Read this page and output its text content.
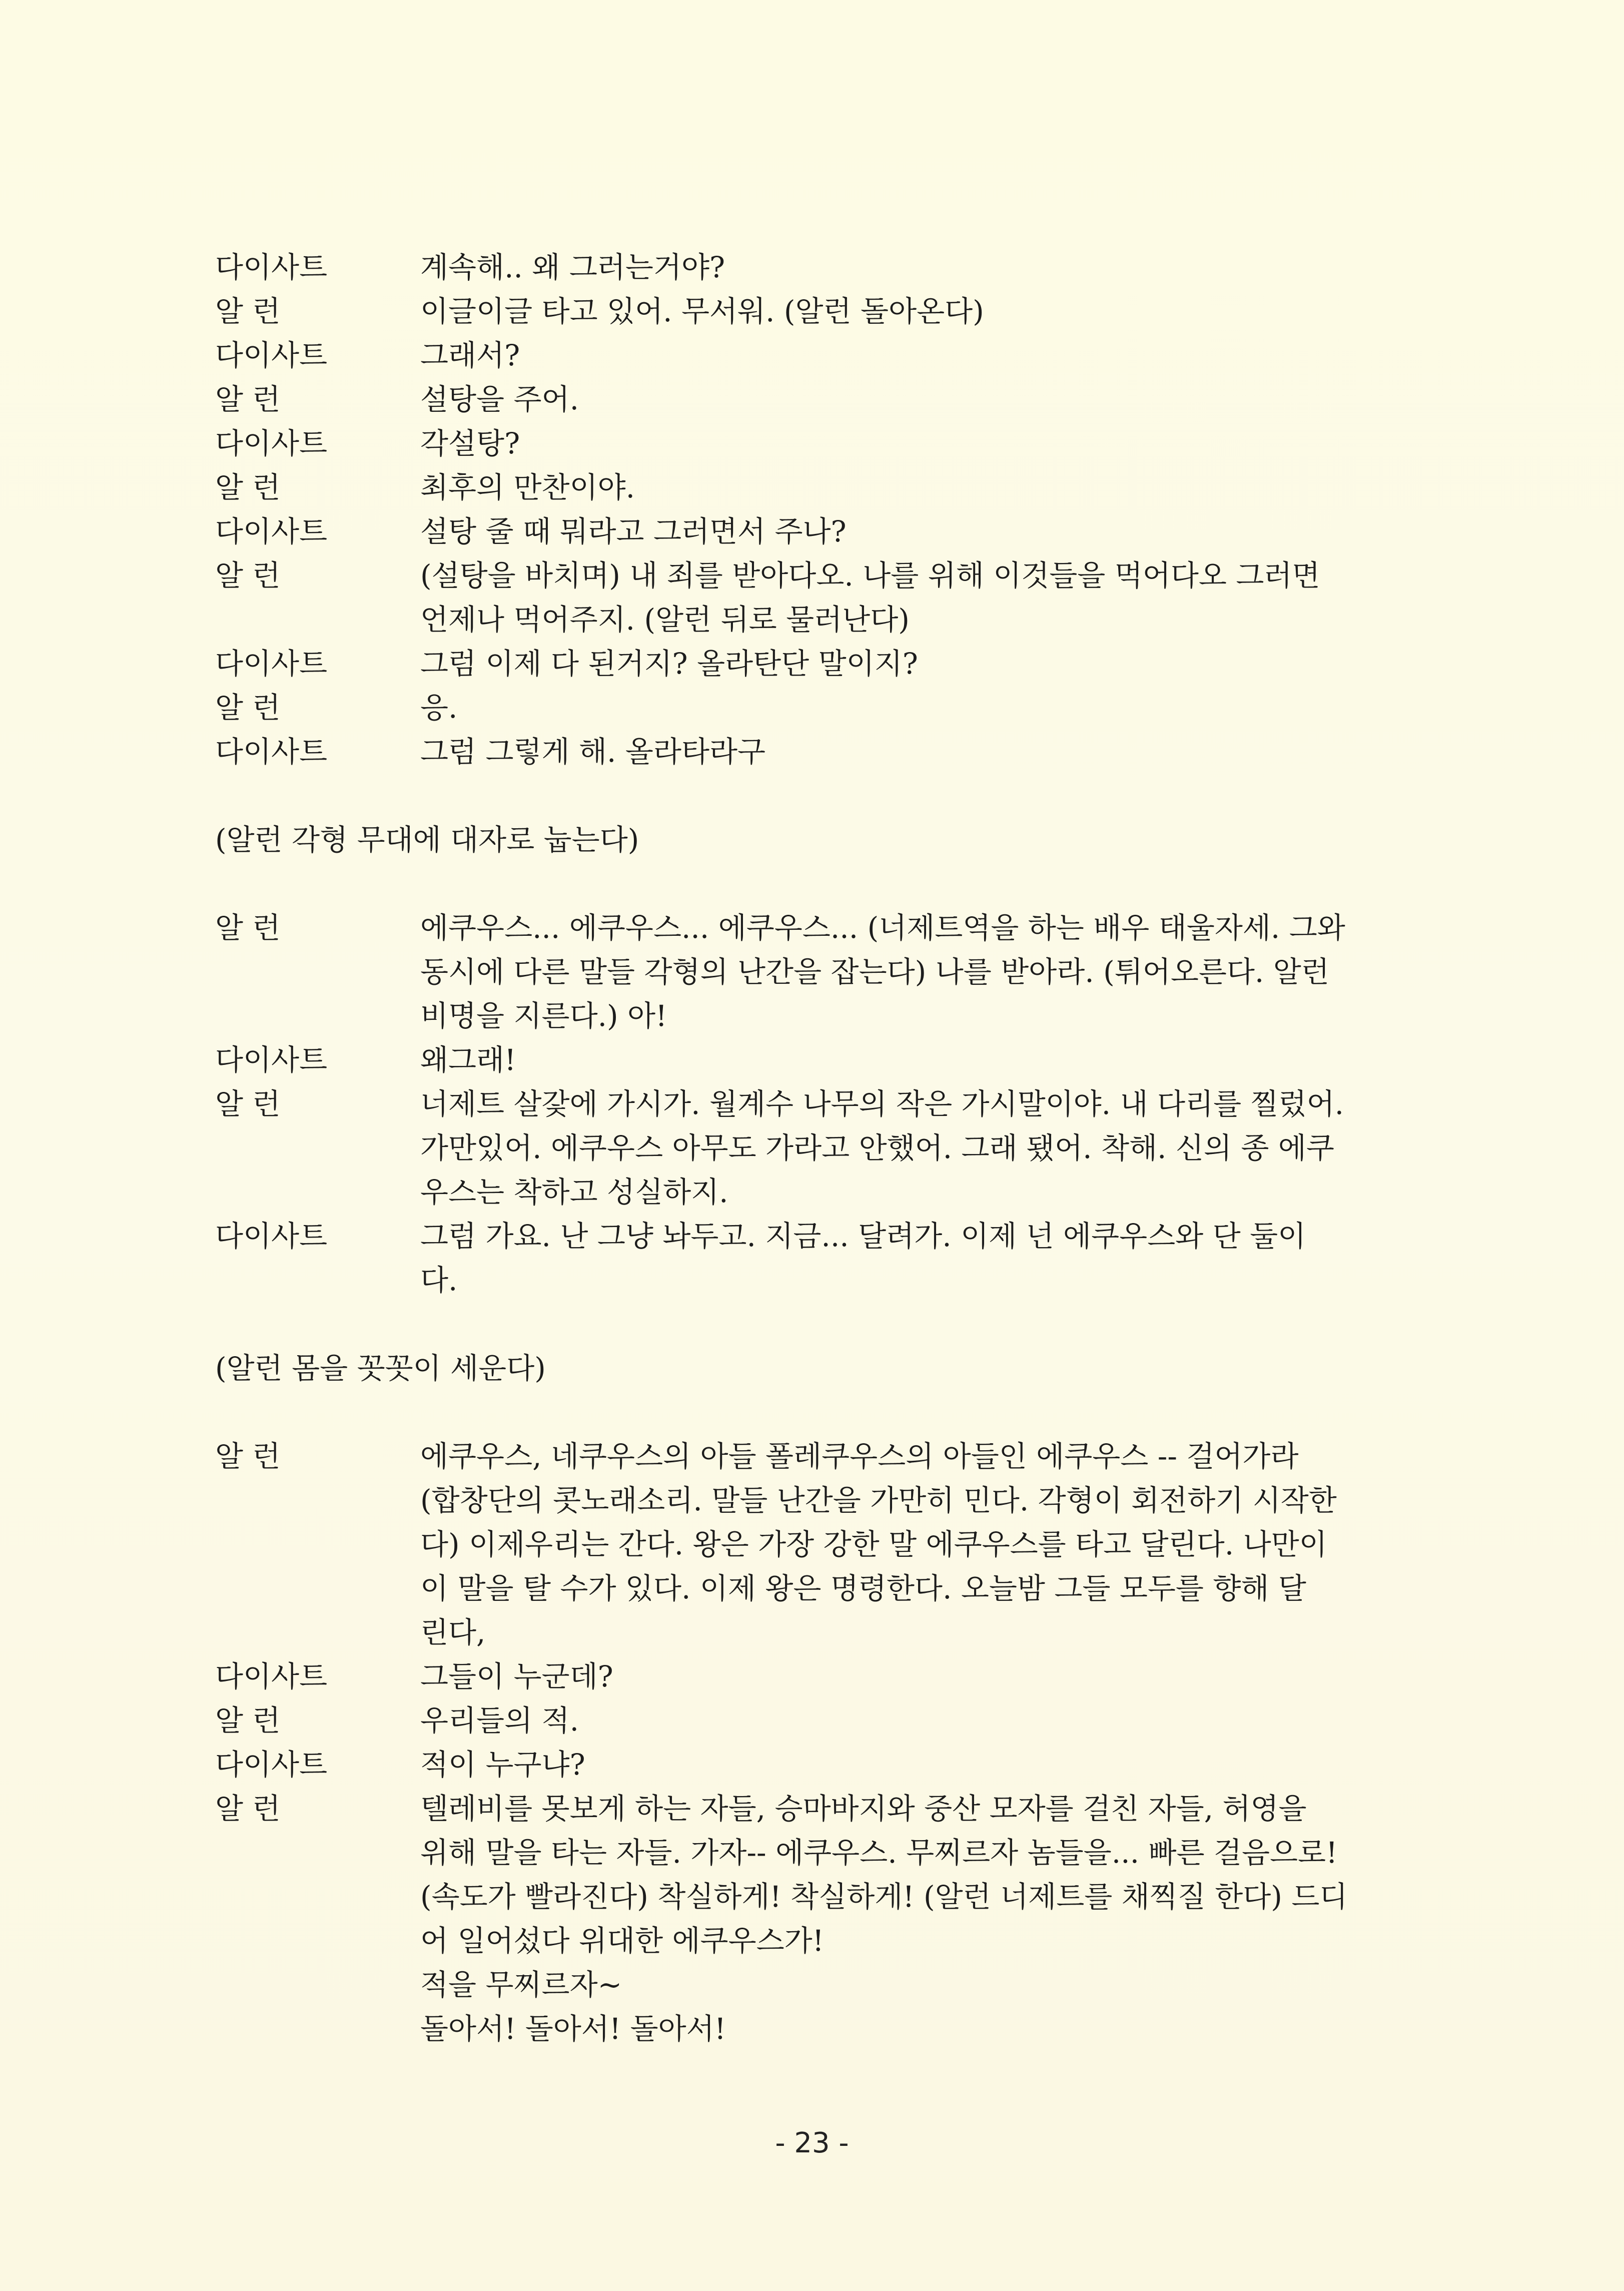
다이사트	계속해.. 왜 그러는거야?
알 런	이글이글 타고 있어. 무서워. (알런 돌아온다)
다이사트	그래서?
알 런	설탕을 주어.
다이사트	각설탕?
알 런	최후의 만찬이야.
다이사트	설탕 줄 때 뭐라고 그러면서 주나?
알 런	(설탕을 바치며) 내 죄를 받아다오. 나를 위해 이것들을 먹어다오 그러면
언제나 먹어주지. (알런 뒤로 물러난다)
다이사트	그럼 이제 다 된거지? 올라탄단 말이지?
알 런	응.
다이사트	그럼 그렇게 해. 올라타라구
(알런 각형 무대에 대자로 눕는다)
알 런	에쿠우스... 에쿠우스... 에쿠우스... (너제트역을 하는 배우 태울자세. 그와
동시에 다른 말들 각형의 난간을 잡는다) 나를 받아라. (튀어오른다. 알런
비명을 지른다.) 아!
다이사트	왜그래!
알 런	너제트 살갗에 가시가. 월계수 나무의 작은 가시말이야. 내 다리를 찔렀어.
가만있어. 에쿠우스 아무도 가라고 안했어. 그래 됐어. 착해. 신의 종 에쿠
우스는 착하고 성실하지.
다이사트	그럼 가요. 난 그냥 놔두고. 지금... 달려가. 이제 넌 에쿠우스와 단 둘이
다.
(알런 몸을 꼿꼿이 세운다)
알 런	에쿠우스, 네쿠우스의 아들 폴레쿠우스의 아들인 에쿠우스 -- 걸어가라
(합창단의 콧노래소리. 말들 난간을 가만히 민다. 각형이 회전하기 시작한
다) 이제우리는 간다. 왕은 가장 강한 말 에쿠우스를 타고 달린다. 나만이
이 말을 탈 수가 있다. 이제 왕은 명령한다. 오늘밤 그들 모두를 향해 달
린다,
다이사트	그들이 누군데?
알 런	우리들의 적.
다이사트	적이 누구냐?
알 런	텔레비를 못보게 하는 자들, 승마바지와 중산 모자를 걸친 자들, 허영을
위해 말을 타는 자들. 가자-- 에쿠우스. 무찌르자 놈들을... 빠른 걸음으로!
(속도가 빨라진다) 착실하게! 착실하게! (알런 너제트를 채찍질 한다) 드디
어 일어섰다 위대한 에쿠우스가!
적을 무찌르자~
돌아서! 돌아서! 돌아서!
- 23 -
